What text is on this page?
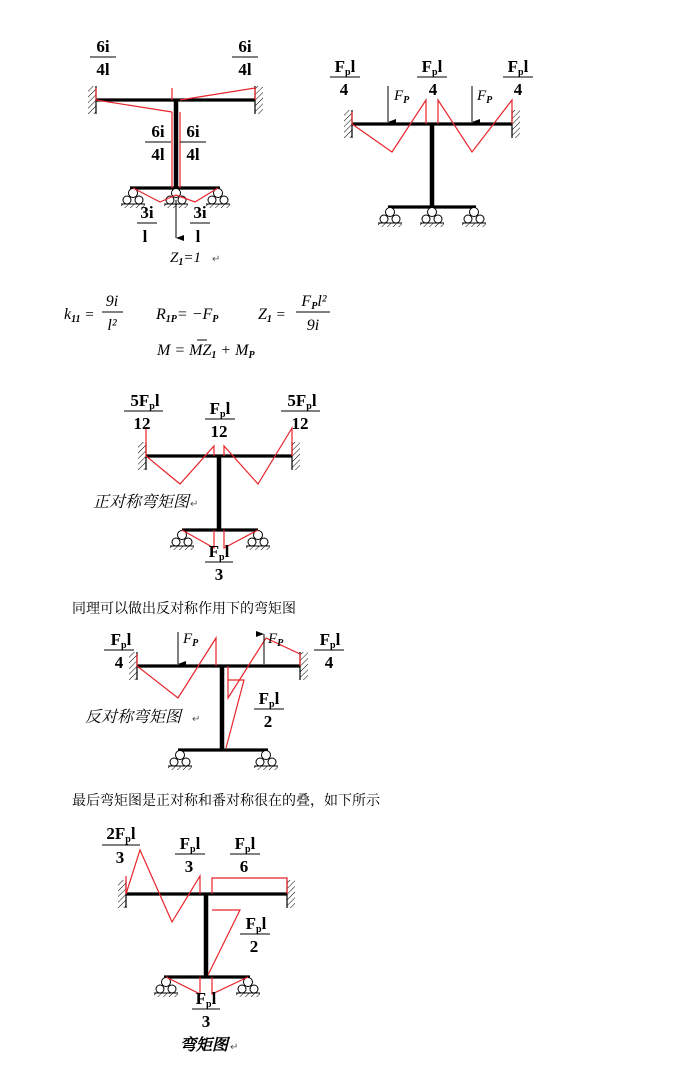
6i
4l
6i
4l
6i
4l
6i
4l
3i
l
3i
l
$Z_1=1$ ↵
$F_P$	$F_P$
Fpl
4
Fpl
4
Fpl
4
k11 =
9i
l²
R1P= −FP Z1 =
FPl²
9i
M = MZ1 + MP
5Fpl
12
Fpl
12
5Fpl
12
Fpl
3
正对称弯矩图 ↵
同理可以做出反对称作用下的弯矩图
$F_P$	$F_P$
Fpl
4
Fpl
4
Fpl
2
反对称弯矩图 ↵
最后弯矩图是正对称和番对称很在的叠，如下所示
2Fpl
3
Fpl
3
Fpl
6
Fpl
2
Fpl
3
弯矩图 ↵
